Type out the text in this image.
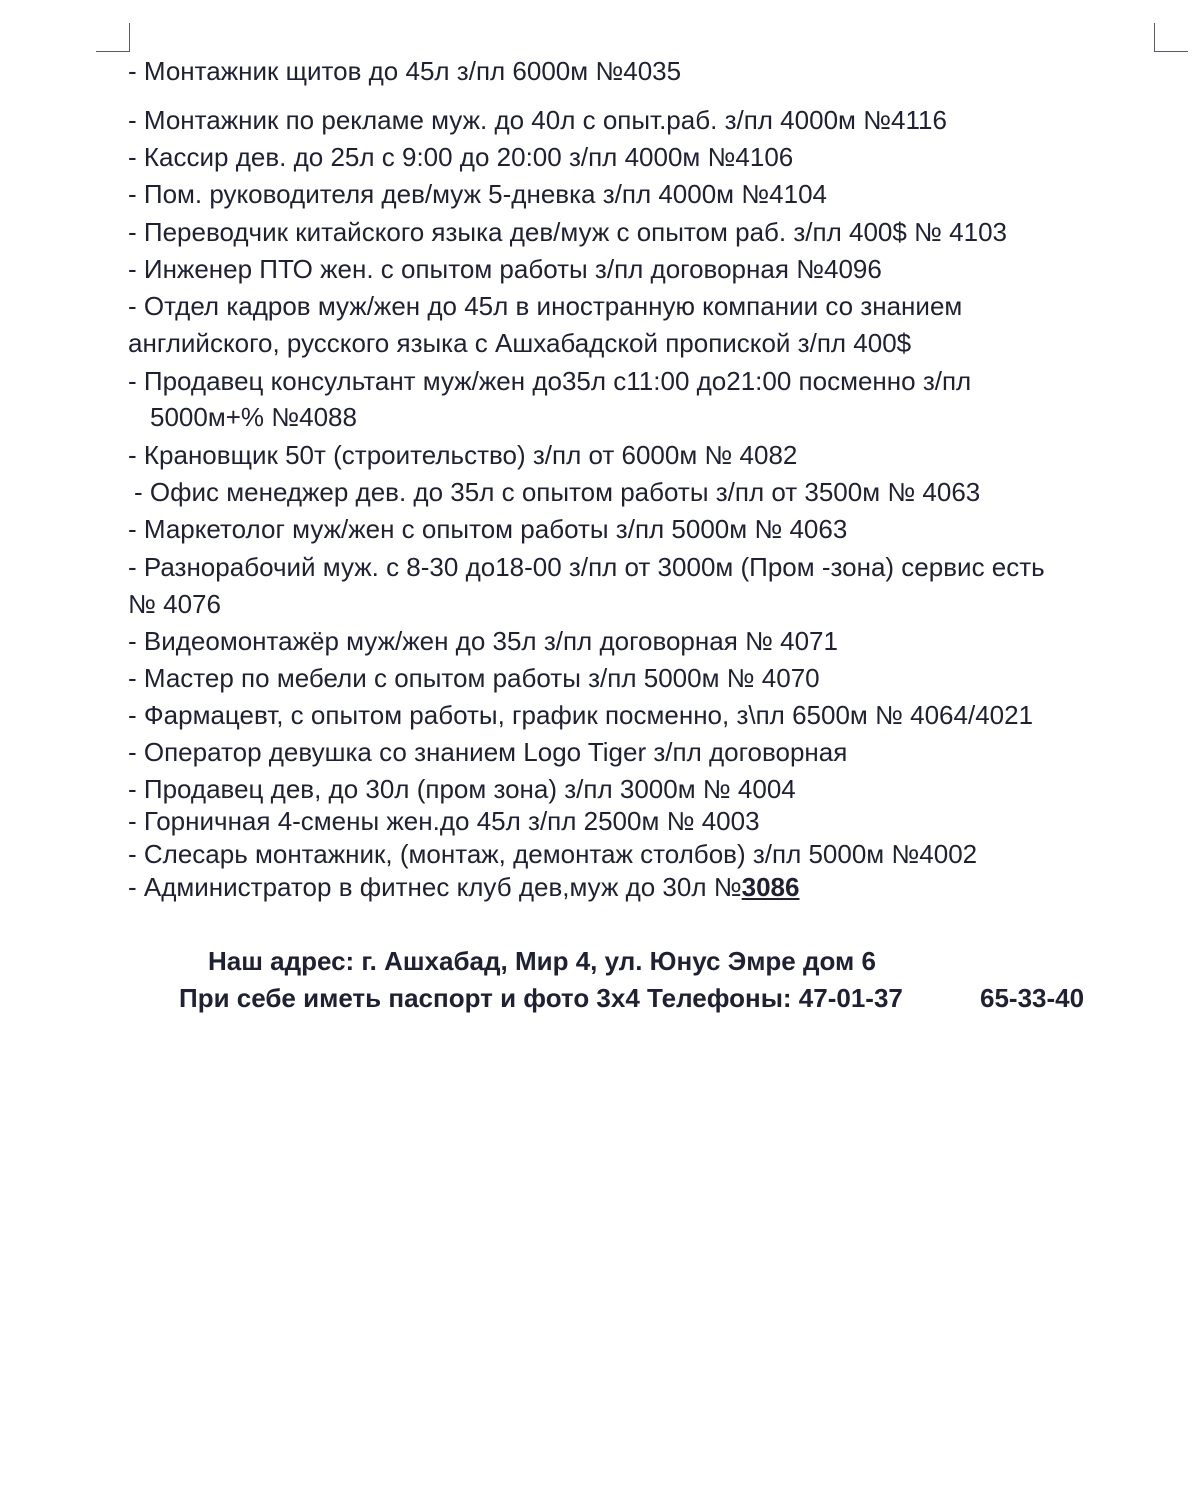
- Монтажник щитов до 45л з/пл 6000м №4035
- Монтажник по рекламе муж. до 40л с опыт.раб. з/пл 4000м №4116
- Кассир дев. до 25л с 9:00 до 20:00 з/пл 4000м №4106
- Пом. руководителя дев/муж 5-дневка з/пл 4000м №4104
- Переводчик китайского языка дев/муж с опытом раб. з/пл 400$ № 4103
- Инженер ПТО жен. с опытом работы з/пл договорная №4096
- Отдел кадров муж/жен до 45л в иностранную компании со знанием
английского, русского языка с Ашхабадской пропиской з/пл 400$
- Продавец консультант муж/жен до35л с11:00 до21:00 посменно з/пл
5000м+% №4088
- Крановщик 50т (строительство) з/пл от 6000м № 4082
- Офис менеджер дев. до 35л с опытом работы з/пл от 3500м № 4063
- Маркетолог муж/жен с опытом работы з/пл 5000м № 4063
- Разнорабочий муж. с 8-30 до18-00 з/пл от 3000м (Пром -зона) сервис есть
№ 4076
- Видеомонтажёр муж/жен до 35л з/пл договорная № 4071
- Мастер по мебели с опытом работы з/пл 5000м № 4070
- Фармацевт, с опытом работы, график посменно, з\пл 6500м № 4064/4021
- Оператор девушка со знанием Logo Tiger з/пл договорная
- Продавец дев, до 30л (пром зона) з/пл 3000м № 4004
- Горничная 4-смены жен.до 45л з/пл 2500м № 4003
- Слесарь монтажник, (монтаж, демонтаж столбов) з/пл 5000м №4002
- Администратор в фитнес клуб дев,муж до 30л №3086
Наш адрес: г. Ашхабад, Мир 4, ул. Юнус Эмре дом 6
При себе иметь паспорт и фото 3х4 Телефоны: 47-01-37	65-33-40
